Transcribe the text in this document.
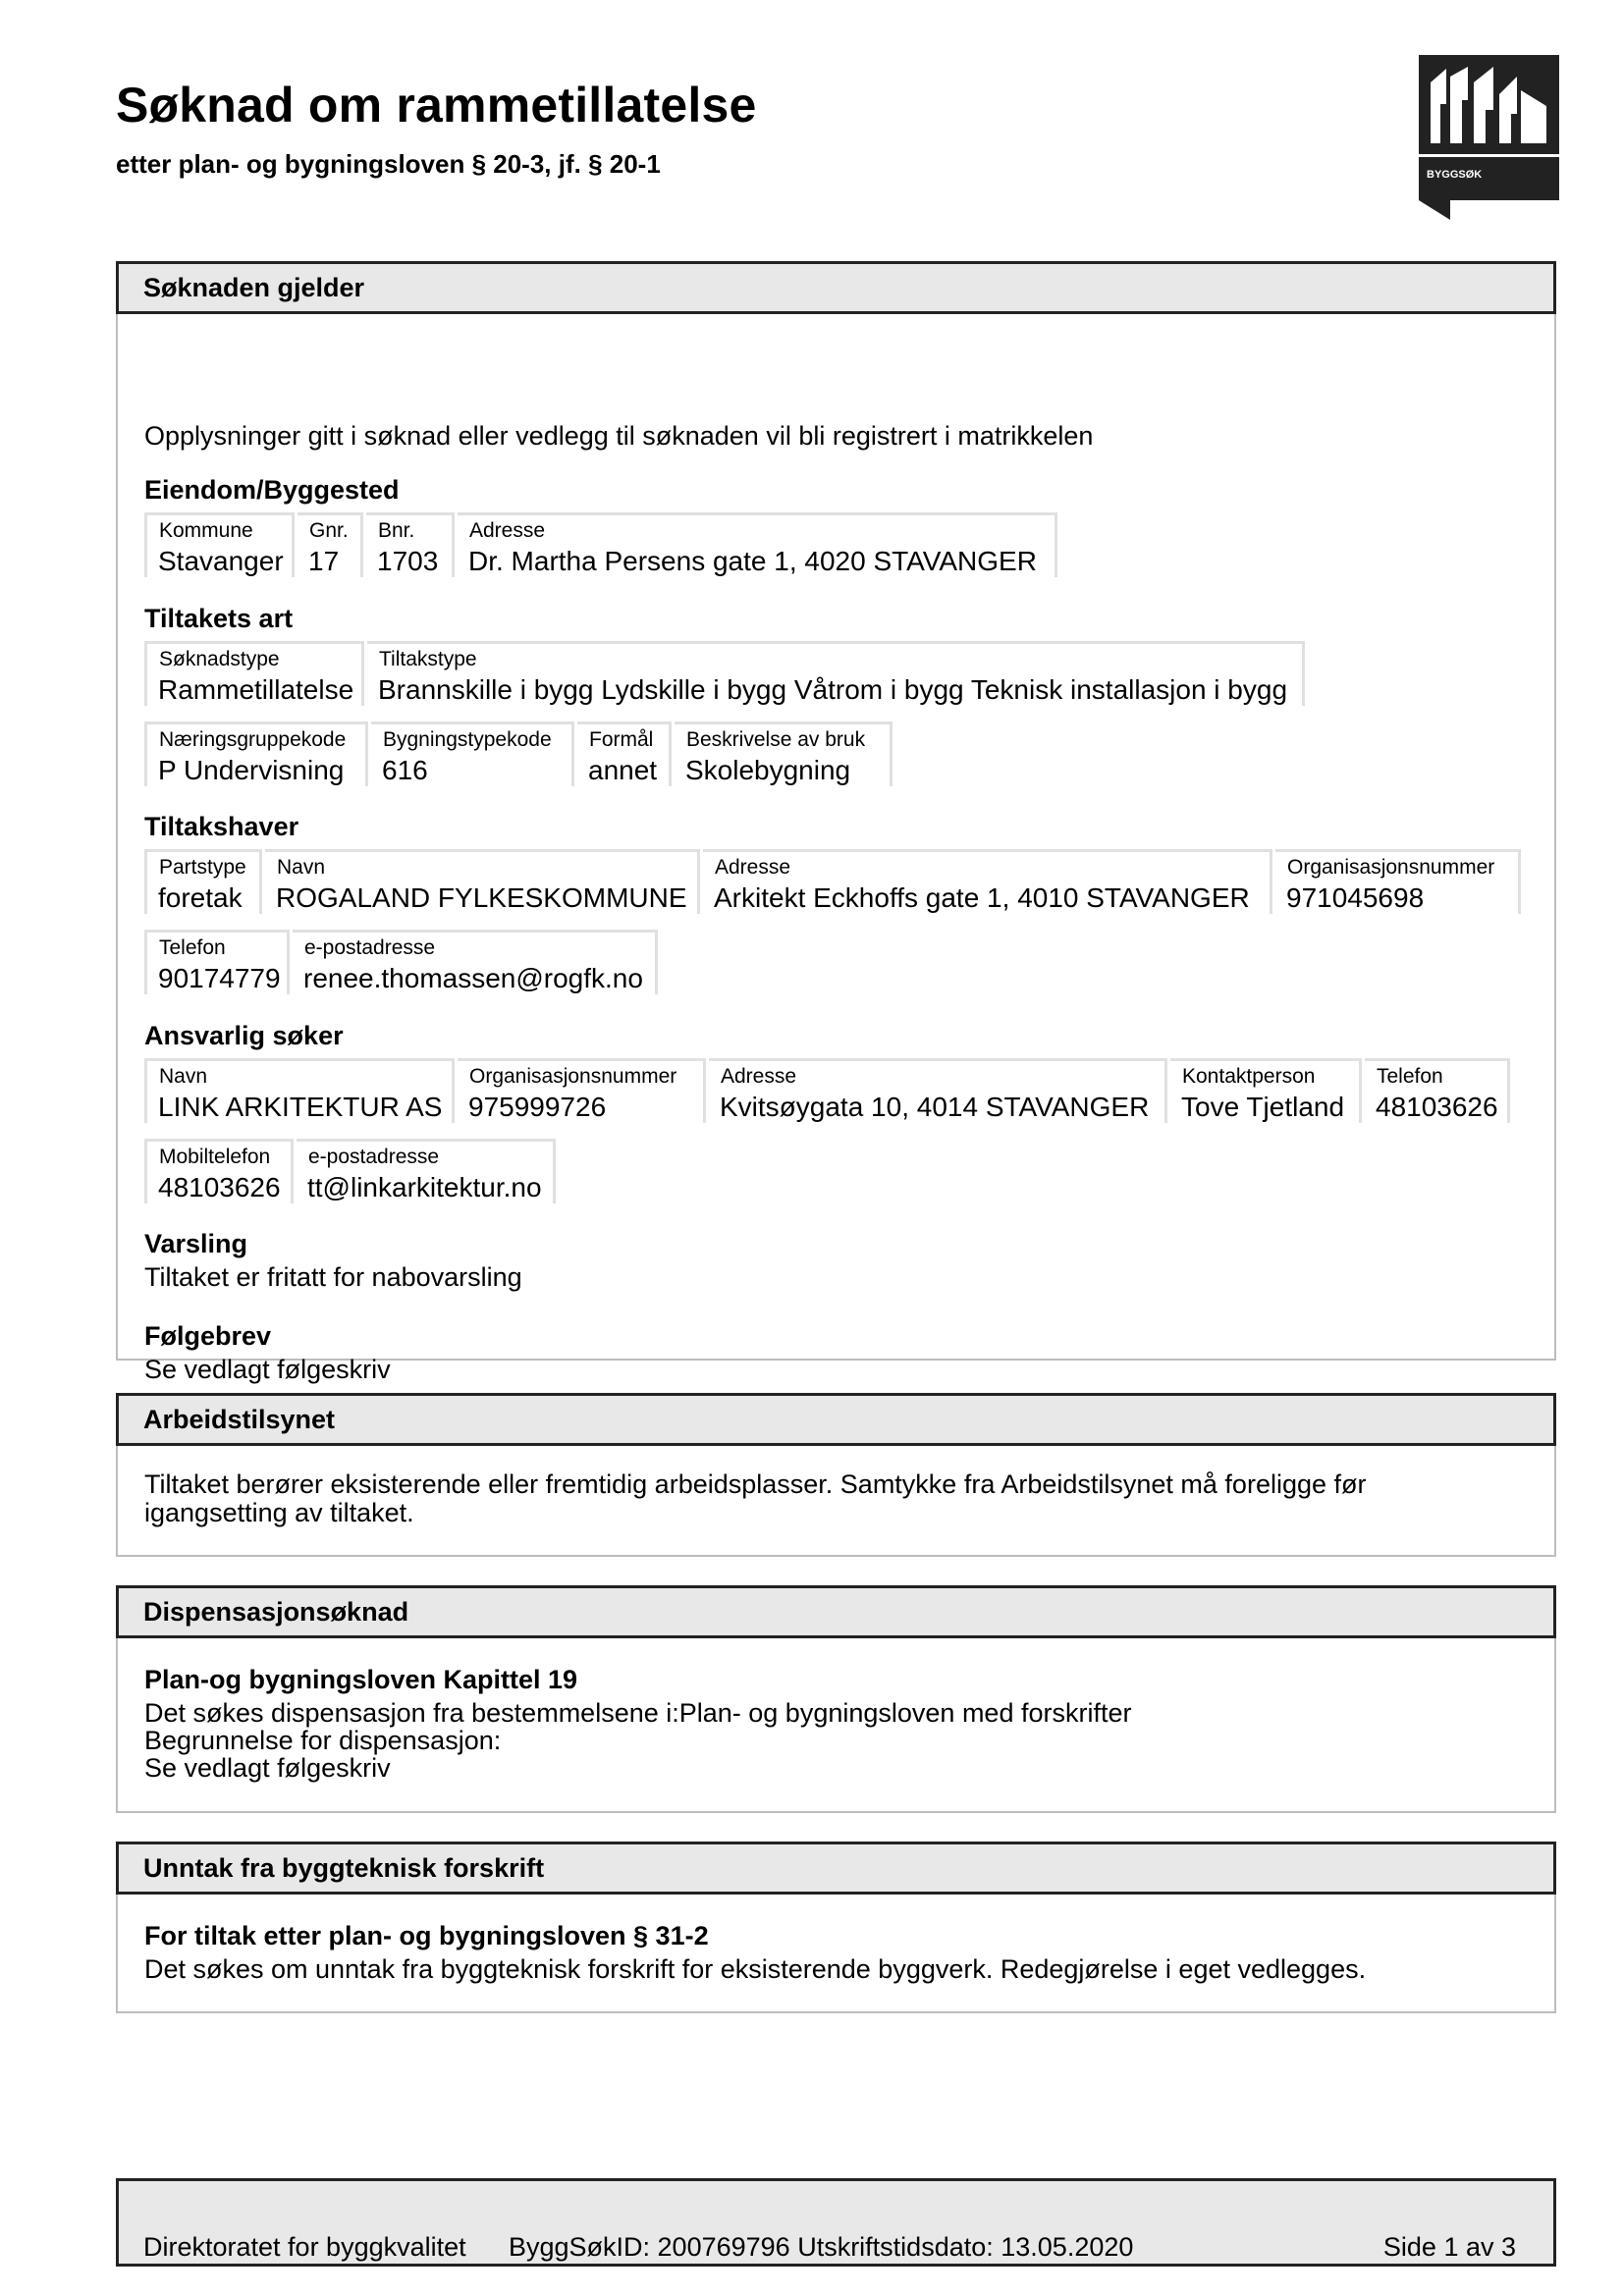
Søknad om rammetillatelse
etter plan- og bygningsloven § 20-3, jf. § 20-1	BYGGSØK
Søknaden gjelder
Opplysninger gitt i søknad eller vedlegg til søknaden vil bli registrert i matrikkelen
Eiendom/Byggested
Kommune
Stavanger
Gnr.
17
Bnr.
1703
Adresse
Dr. Martha Persens gate 1, 4020 STAVANGER
Tiltakets art
Søknadstype
Rammetillatelse
Tiltakstype
Brannskille i bygg Lydskille i bygg Våtrom i bygg Teknisk installasjon i bygg
Næringsgruppekode
P Undervisning
Bygningstypekode
616
Formål
annet
Beskrivelse av bruk
Skolebygning
Tiltakshaver
Partstype
foretak
Navn
ROGALAND FYLKESKOMMUNE
Adresse
Arkitekt Eckhoffs gate 1, 4010 STAVANGER
Organisasjonsnummer
971045698
Telefon
90174779
e-postadresse
renee.thomassen@rogfk.no
Ansvarlig søker
Navn
LINK ARKITEKTUR AS
Organisasjonsnummer
975999726
Adresse
Kvitsøygata 10, 4014 STAVANGER
Kontaktperson
Tove Tjetland
Telefon
48103626
Mobiltelefon
48103626
e-postadresse
tt@linkarkitektur.no
Varsling
Tiltaket er fritatt for nabovarsling
Følgebrev
Se vedlagt følgeskriv
Arbeidstilsynet
Tiltaket berører eksisterende eller fremtidig arbeidsplasser. Samtykke fra Arbeidstilsynet må foreligge før igangsetting av tiltaket.
Dispensasjonsøknad
Plan-og bygningsloven Kapittel 19
Det søkes dispensasjon fra bestemmelsene i:Plan- og bygningsloven med forskrifter
Begrunnelse for dispensasjon:
Se vedlagt følgeskriv
Unntak fra byggteknisk forskrift
For tiltak etter plan- og bygningsloven § 31-2
Det søkes om unntak fra byggteknisk forskrift for eksisterende byggverk. Redegjørelse i eget vedlegges.
Direktoratet for byggkvalitet ByggSøkID: 200769796 Utskriftstidsdato: 13.05.2020	Side 1 av 3
